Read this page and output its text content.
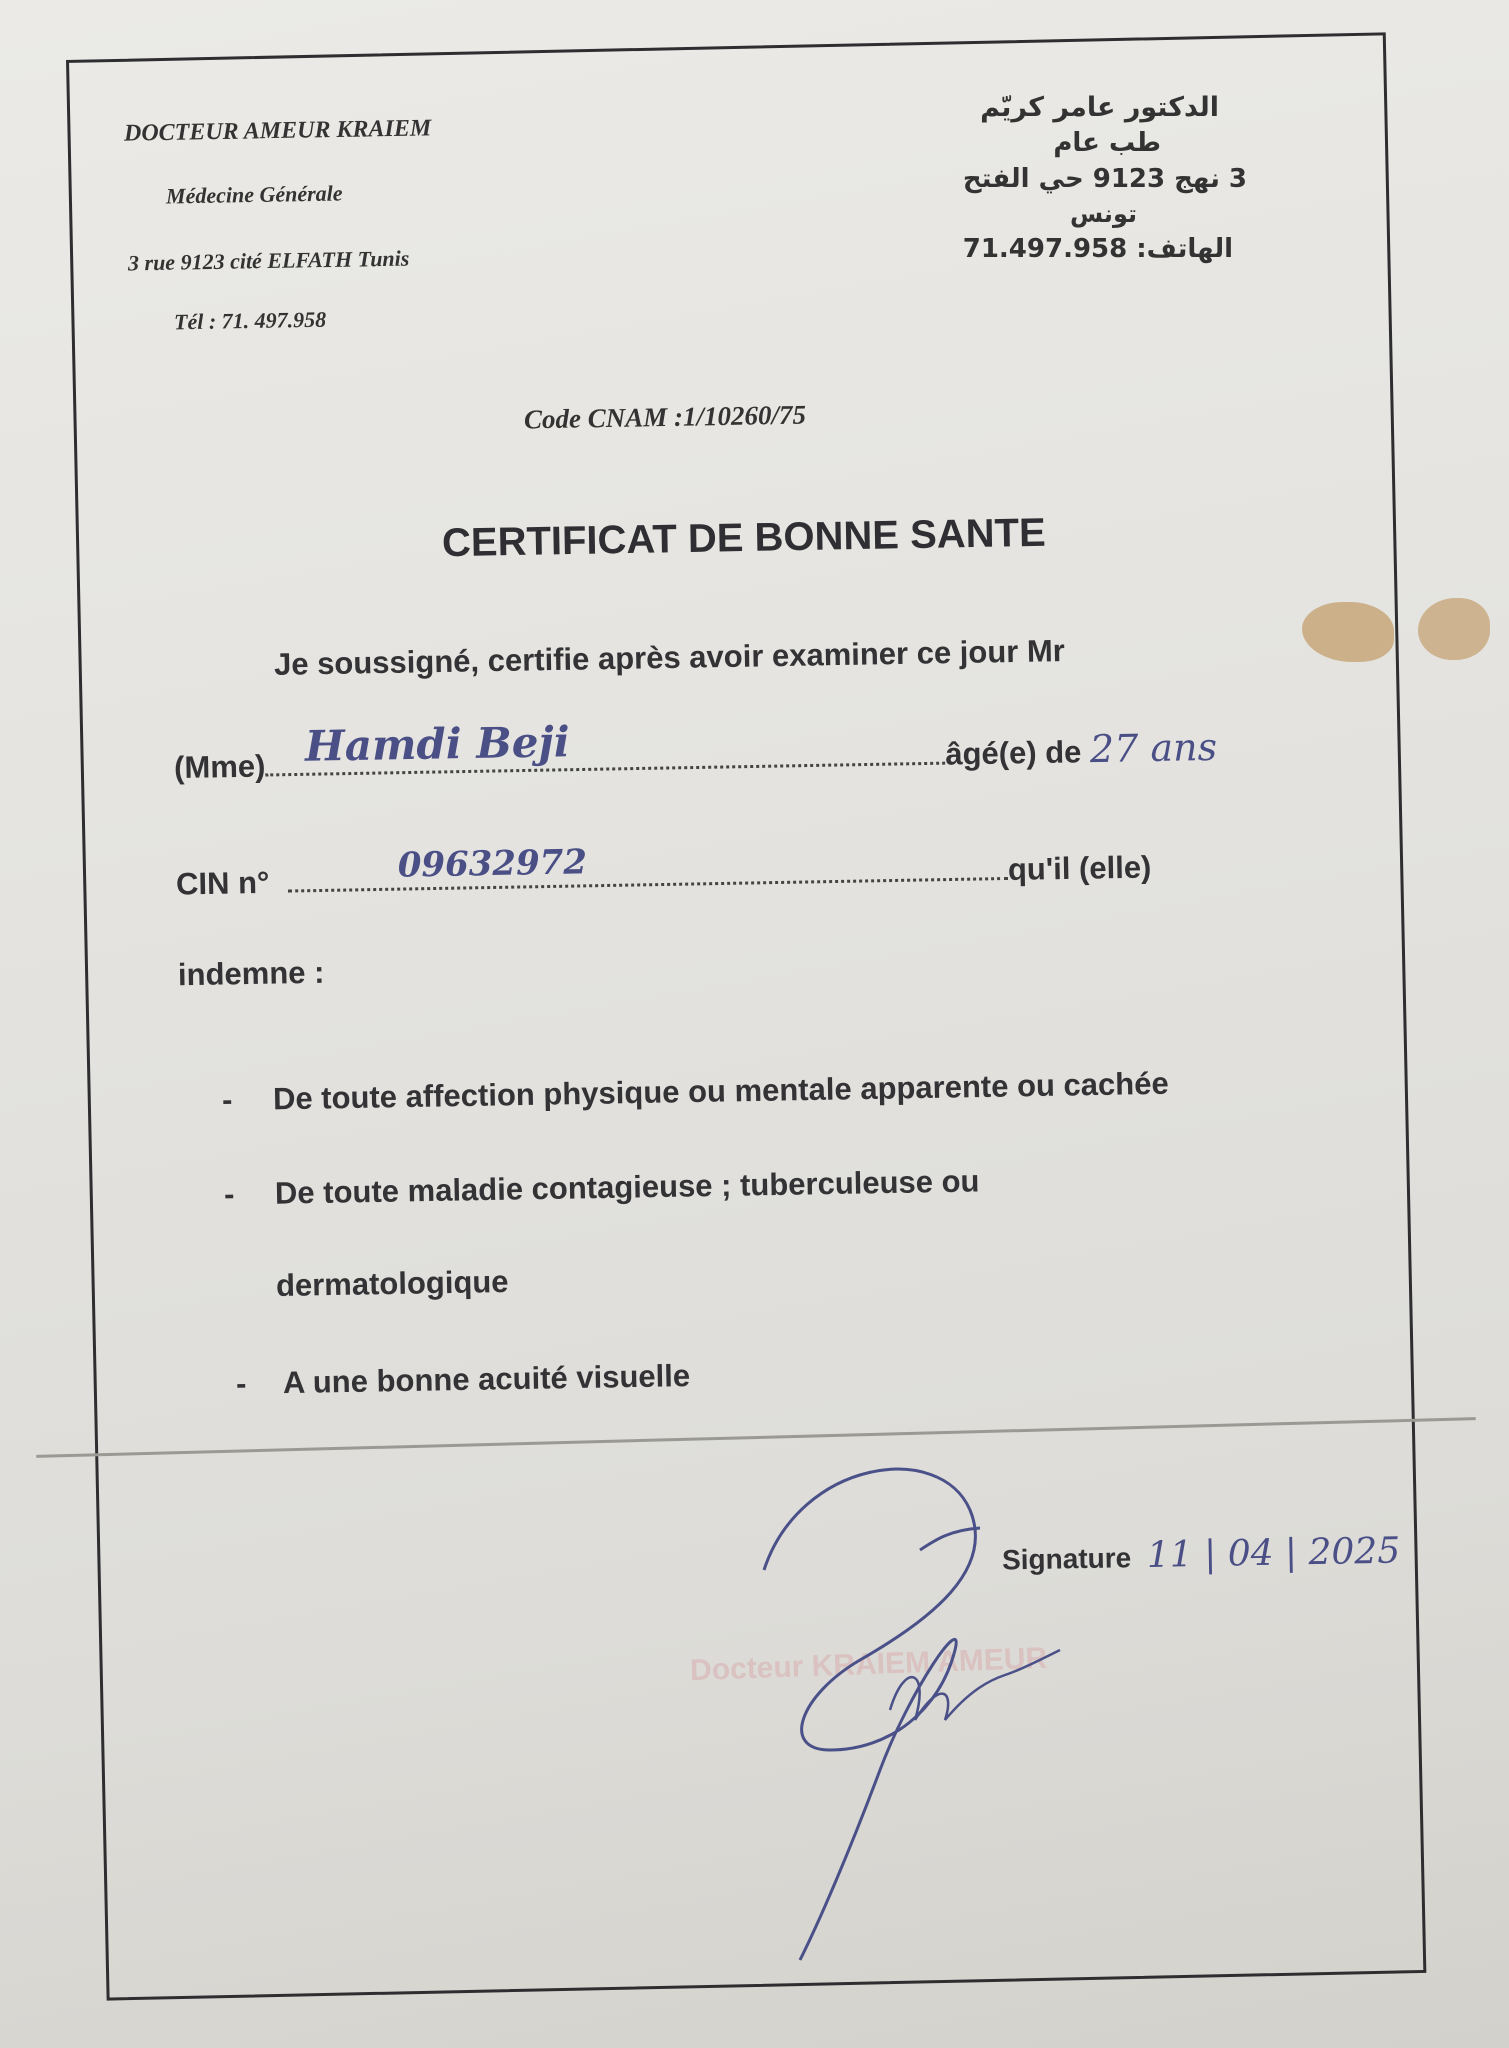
DOCTEUR AMEUR KRAIEM
Médecine Générale
3 rue 9123 cité ELFATH Tunis
Tél : 71. 497.958
الدكتور عامر كريّم
طب عام
3 نهج 9123 حي الفتح
تونس
الهاتف: 71.497.958
Code CNAM :1/10260/75
CERTIFICAT DE BONNE SANTE
Je soussigné, certifie après avoir examiner ce jour Mr
(Mme) Hamdi Beji	âgé(e) de 27 ans
CIN n°	09632972	qu'il (elle)
indemne :
- De toute affection physique ou mentale apparente ou cachée
- De toute maladie contagieuse ; tuberculeuse ou
dermatologique
- A une bonne acuité visuelle
Signature 11 | 04 | 2025
Docteur KRAIEM AMEUR
